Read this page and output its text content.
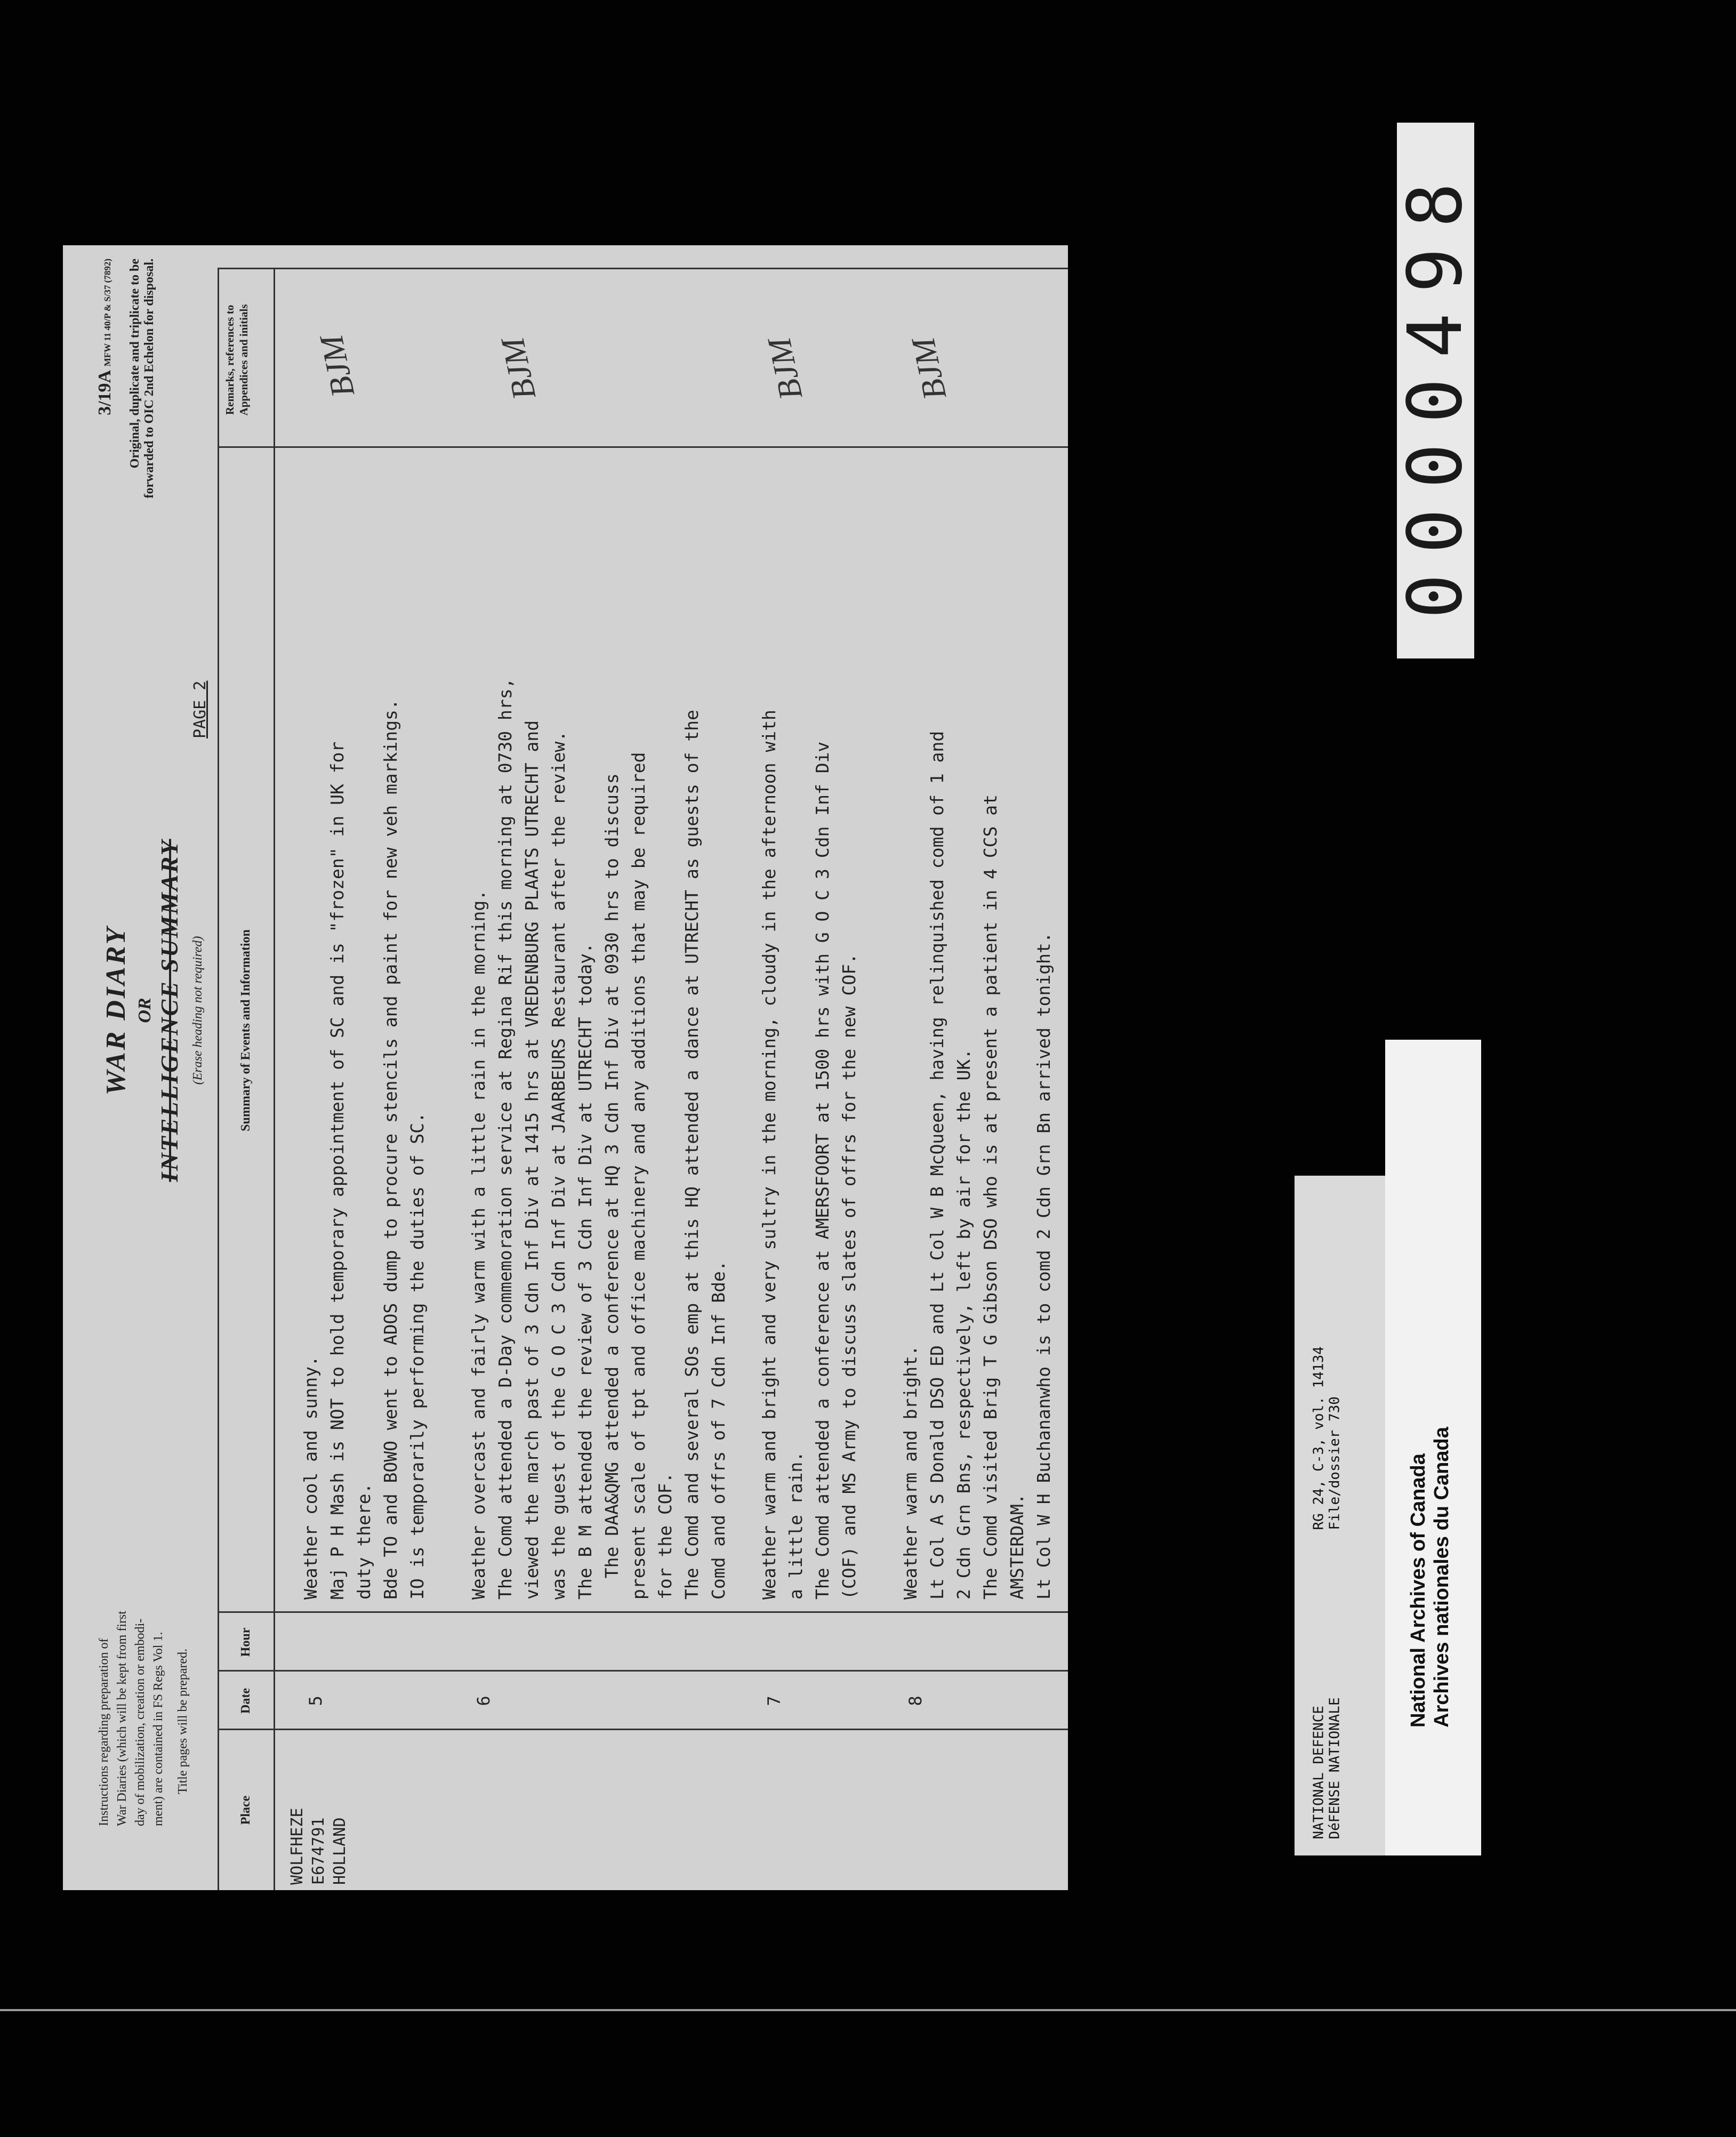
Instructions regarding preparation of War Diaries (which will be kept from first day of mobilization, creation or embodi- ment) are contained in FS Regs Vol 1. Title pages will be prepared.
WAR DIARY OR INTELLIGENCE SUMMARY (Erase heading not required)
3/19A MFW 11 40/P & S/37 (7892) Original, duplicate and triplicate to be forwarded to OIC 2nd Echelon for disposal.
PAGE 2
Place
Date
Hour
Summary of Events and Information
Remarks, references to Appendices and initials
WOLFHEZE E674791 HOLLAND
5
Weather cool and sunny. Maj P H Mash is NOT to hold temporary appointment of SC and is "frozen" in UK for duty there. Bde TO and BOWO went to ADOS dump to procure stencils and paint for new veh markings. IO is temporarily performing the duties of SC.
BJM
6
Weather overcast and fairly warm with a little rain in the morning. The Comd attended a D-Day commemoration service at Regina Rif this morning at 0730 hrs, viewed the march past of 3 Cdn Inf Div at 1415 hrs at VREDENBURG PLAATS UTRECHT and was the guest of the G O C 3 Cdn Inf Div at JAARBEURS Restaurant after the review. The B M attended the review of 3 Cdn Inf Div at UTRECHT today. The DAA&QMG attended a conference at HQ 3 Cdn Inf Div at 0930 hrs to discuss present scale of tpt and office machinery and any additions that may be required for the COF. The Comd and several SOs emp at this HQ attended a dance at UTRECHT as guests of the Comd and offrs of 7 Cdn Inf Bde.
BJM
7
Weather warm and bright and very sultry in the morning, cloudy in the afternoon with a little rain. The Comd attended a conference at AMERSFOORT at 1500 hrs with G O C 3 Cdn Inf Div (COF) and MS Army to discuss slates of offrs for the new COF.
BJM
8
Weather warm and bright. Lt Col A S Donald DSO ED and Lt Col W B McQueen, having relinquished comd of 1 and 2 Cdn Grn Bns, respectively, left by air for the UK. The Comd visited Brig T G Gibson DSO who is at present a patient in 4 CCS at AMSTERDAM. Lt Col W H Buchananwho is to comd 2 Cdn Grn Bn arrived tonight.
BJM	0000498
NATIONAL DEFENCE DéFENSE NATIONALE
RG 24, C-3, vol. 14134 File/dossier 730	National Archives of Canada Archives nationales du Canada
